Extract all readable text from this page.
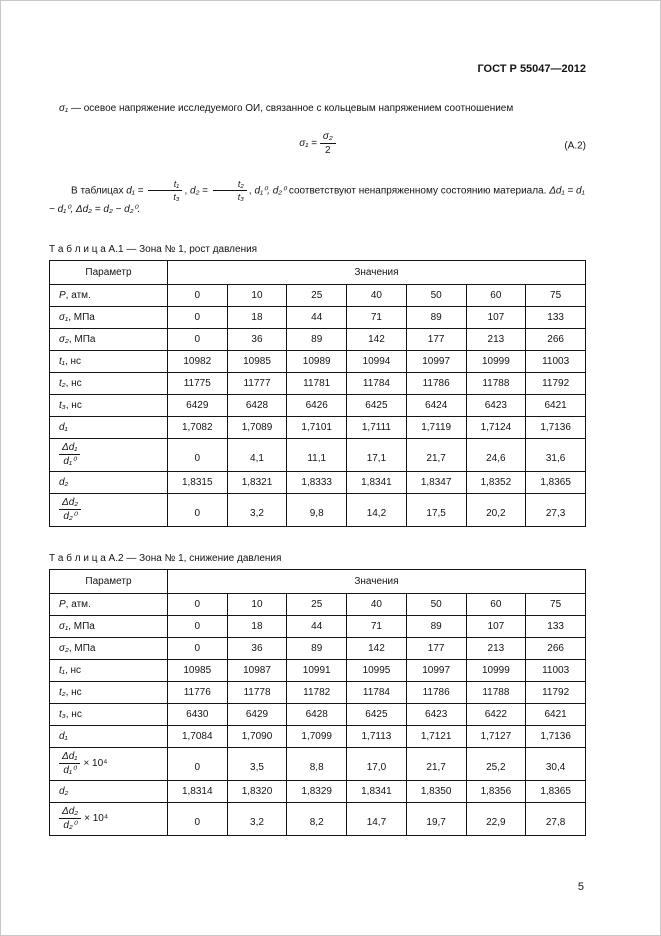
ГОСТ Р 55047—2012

σ₁ — осевое напряжение исследуемого ОИ, связанное с кольцевым напряжением соотношением

$\sigma_1 = \frac{\text{σ₂}}{2}$	(А.2)

В таблицах $d_1 = \frac{\text{t₁}}{\text{t₃}}$ , $d_2 = \frac{\text{t₂}}{\text{t₃}}$ , d₁⁰, d₂⁰ соответствуют ненапряженному состоянию материала. Δd₁ = d₁ − d₁⁰, Δd₂ = d₂ − d₂⁰.

Т а б л и ц а А.1 — Зона № 1, рост давления
Параметр	Значения						
P, атм.	0	10	25	40	50	60	75
σ₁, МПа	0	18	44	71	89	107	133
σ₂, МПа	0	36	89	142	177	213	266
t₁, нс	10982	10985	10989	10994	10997	10999	11003
t₂, нс	11775	11777	11781	11784	11786	11788	11792
t₃, нс	6429	6428	6426	6425	6424	6423	6421
d₁	1,7082	1,7089	1,7101	1,7111	1,7119	1,7124	1,7136

$\frac{\text{Δd₁}}{\text{d₁⁰}}$	0	4,1	11,1	17,1	21,7	24,6	31,6
d₂	1,8315	1,8321	1,8333	1,8341	1,8347	1,8352	1,8365

$\frac{\text{Δd₂}}{\text{d₂⁰}}$	0	3,2	9,8	14,2	17,5	20,2	27,3
Т а б л и ц а А.2 — Зона № 1, снижение давления
Параметр	Значения						
P, атм.	0	10	25	40	50	60	75
σ₁, МПа	0	18	44	71	89	107	133
σ₂, МПа	0	36	89	142	177	213	266
t₁, нс	10985	10987	10991	10995	10997	10999	11003
t₂, нс	11776	11778	11782	11784	11786	11788	11792
t₃, нс	6430	6429	6428	6425	6423	6422	6421
d₁	1,7084	1,7090	1,7099	1,7113	1,7121	1,7127	1,7136

$\frac{\text{Δd₁}}{\text{d₁⁰}} \times 10^4$	0	3,5	8,8	17,0	21,7	25,2	30,4
d₂	1,8314	1,8320	1,8329	1,8341	1,8350	1,8356	1,8365

$\frac{\text{Δd₂}}{\text{d₂⁰}} \times 10^4$	0	3,2	8,2	14,7	19,7	22,9	27,8
5
